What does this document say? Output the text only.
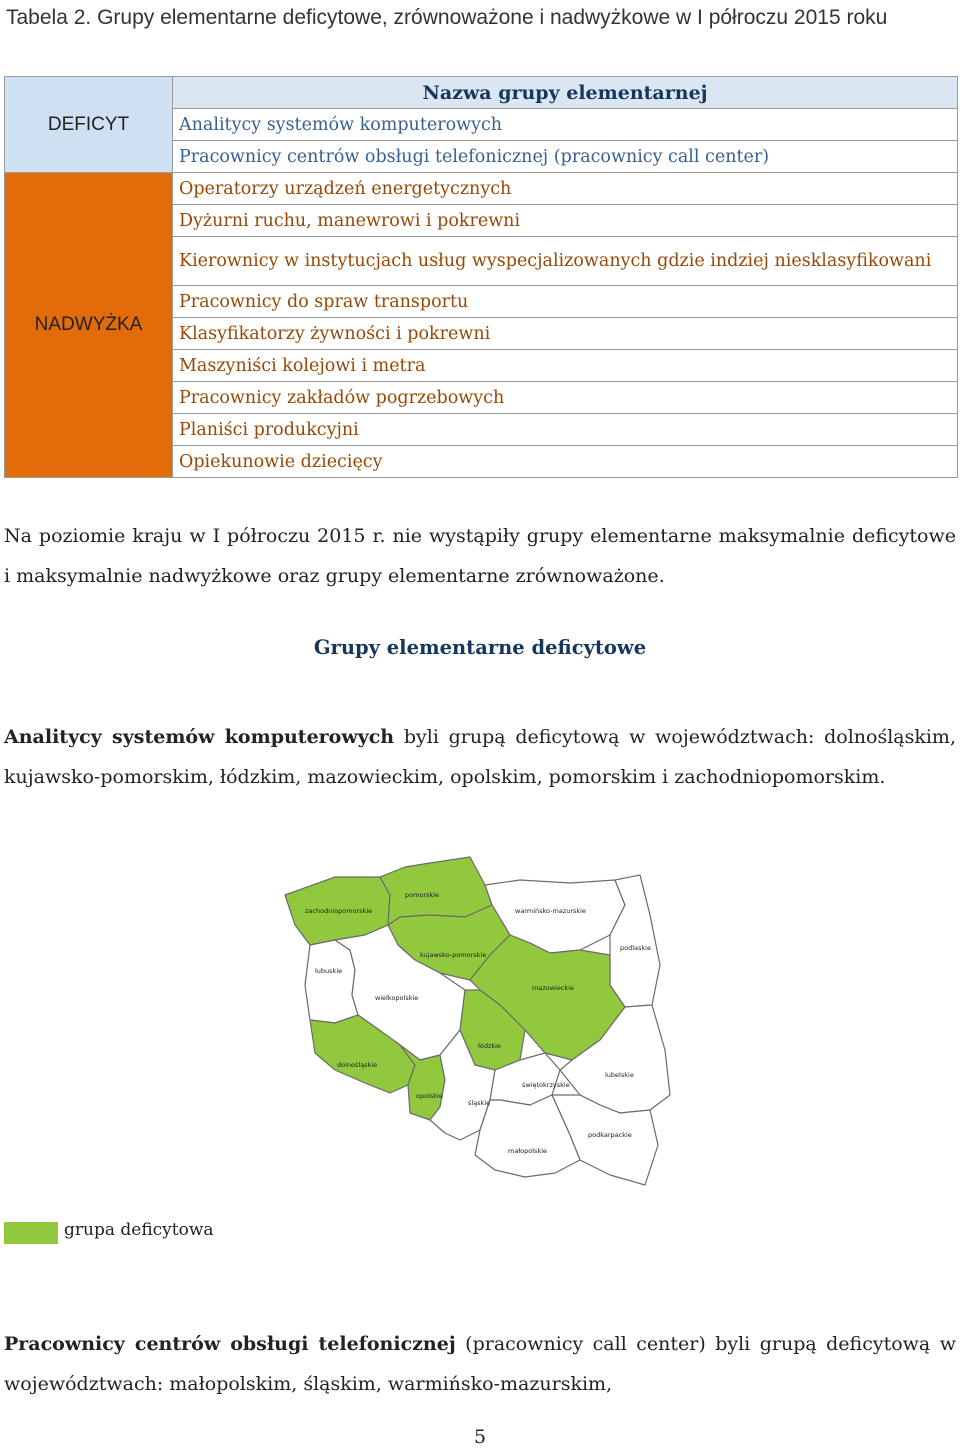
Tabela 2. Grupy elementarne deficytowe, zrównoważone i nadwyżkowe w I półroczu 2015 roku
DEFICYT	Nazwa grupy elementarnej
	Analitycy systemów komputerowych
	Pracownicy centrów obsługi telefonicznej (pracownicy call center)
NADWYŻKA	Operatorzy urządzeń energetycznych
	Dyżurni ruchu, manewrowi i pokrewni
	Kierownicy w instytucjach usług wyspecjalizowanych gdzie indziej niesklasyfikowani
	Pracownicy do spraw transportu
	Klasyfikatorzy żywności i pokrewni
	Maszyniści kolejowi i metra
	Pracownicy zakładów pogrzebowych
	Planiści produkcyjni
	Opiekunowie dziecięcy

Na poziomie kraju w I półroczu 2015 r. nie wystąpiły grupy elementarne maksymalnie deficytowe i maksymalnie nadwyżkowe oraz grupy elementarne zrównoważone.

Grupy elementarne deficytowe

Analitycy systemów komputerowych byli grupą deficytową w województwach: dolnośląskim, kujawsko-pomorskim, łódzkim, mazowieckim, opolskim, pomorskim i zachodniopomorskim.

pomorskie
zachodniopomorskie	warmińsko-mazurskie
kujawsko-pomorskie
podlaskie
lubuskie
wielkopolskie
mazowieckie
łódzkie
dolnośląskie
lubelskie
opolskie
śląskie
świętokrzyskie
podkarpackie
małopolskie
grupa deficytowa

Pracownicy centrów obsługi telefonicznej (pracownicy call center) byli grupą deficytową w województwach: małopolskim, śląskim, warmińsko-mazurskim,

5
